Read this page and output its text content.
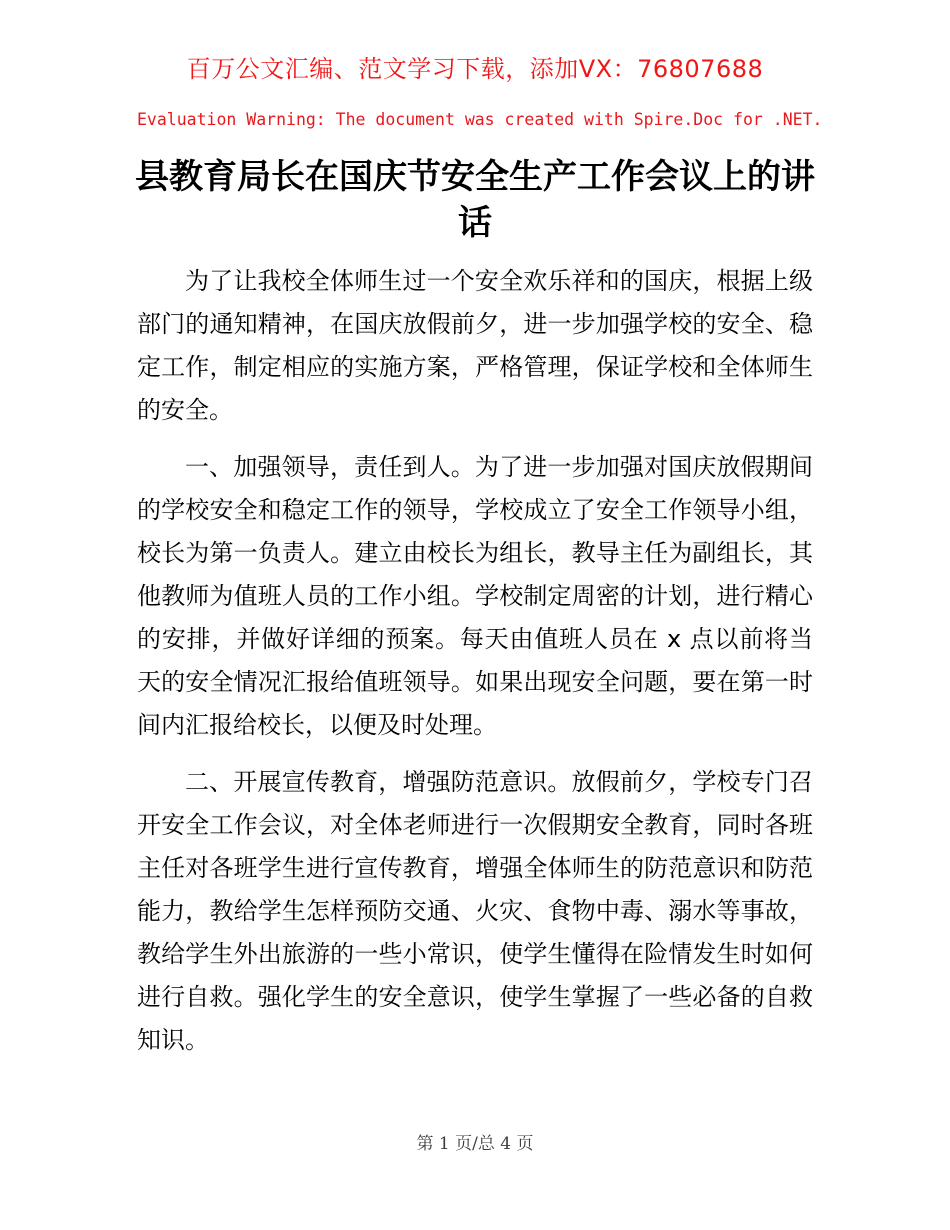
百万公文汇编、范文学习下载，添加VX：76807688
Evaluation Warning: The document was created with Spire.Doc for .NET.
县教育局长在国庆节安全生产工作会议上的讲话

为了让我校全体师生过一个安全欢乐祥和的国庆，根据上级部门的通知精神，在国庆放假前夕，进一步加强学校的安全、稳定工作，制定相应的实施方案，严格管理，保证学校和全体师生的安全。

一、加强领导，责任到人。为了进一步加强对国庆放假期间的学校安全和稳定工作的领导，学校成立了安全工作领导小组，校长为第一负责人。建立由校长为组长，教导主任为副组长，其他教师为值班人员的工作小组。学校制定周密的计划，进行精心的安排，并做好详细的预案。每天由值班人员在 x 点以前将当天的安全情况汇报给值班领导。如果出现安全问题，要在第一时间内汇报给校长，以便及时处理。

二、开展宣传教育，增强防范意识。放假前夕，学校专门召开安全工作会议，对全体老师进行一次假期安全教育，同时各班主任对各班学生进行宣传教育，增强全体师生的防范意识和防范能力，教给学生怎样预防交通、火灾、食物中毒、溺水等事故，教给学生外出旅游的一些小常识，使学生懂得在险情发生时如何进行自救。强化学生的安全意识，使学生掌握了一些必备的自救知识。

第 1 页/总 4 页
